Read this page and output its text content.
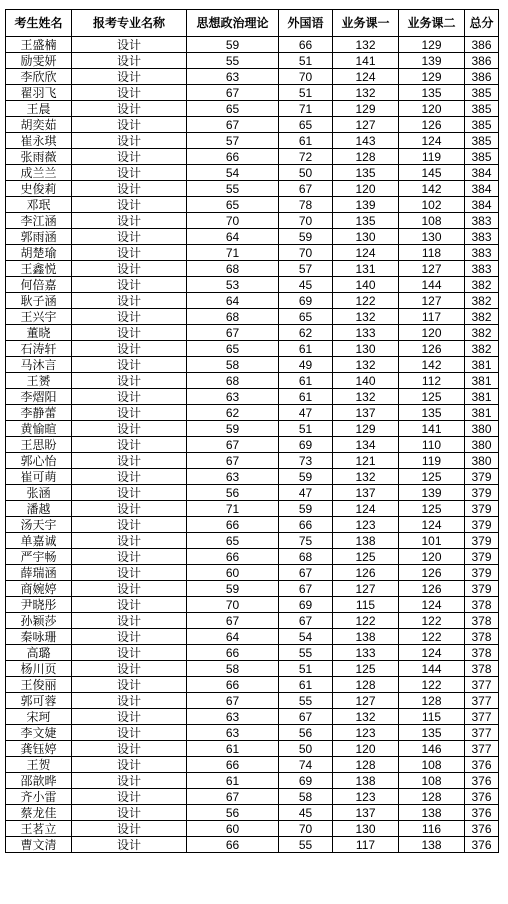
考生姓名	报考专业名称	思想政治理论	外国语	业务课一	业务课二	总分
王盛楠	设计	59	66	132	129	386
励雯妍	设计	55	51	141	139	386
李欣欣	设计	63	70	124	129	386
翟羽飞	设计	67	51	132	135	385
王晨	设计	65	71	129	120	385
胡奕茹	设计	67	65	127	126	385
崔永琪	设计	57	61	143	124	385
张雨薇	设计	66	72	128	119	385
成兰兰	设计	54	50	135	145	384
史俊莉	设计	55	67	120	142	384
邓珉	设计	65	78	139	102	384
李江涵	设计	70	70	135	108	383
郭雨涵	设计	64	59	130	130	383
胡楚瑜	设计	71	70	124	118	383
王鑫悦	设计	68	57	131	127	383
何倍嘉	设计	53	45	140	144	382
耿子涵	设计	64	69	122	127	382
王兴宇	设计	68	65	132	117	382
董晓	设计	67	62	133	120	382
石涛轩	设计	65	61	130	126	382
马沐言	设计	58	49	132	142	381
王赟	设计	68	61	140	112	381
李熠阳	设计	63	61	132	125	381
李静蕾	设计	62	47	137	135	381
黄愉暄	设计	59	51	129	141	380
王思盼	设计	67	69	134	110	380
郭心怡	设计	67	73	121	119	380
崔可萌	设计	63	59	132	125	379
张涵	设计	56	47	137	139	379
潘越	设计	71	59	124	125	379
汤天宇	设计	66	66	123	124	379
单嘉诚	设计	65	75	138	101	379
严宇畅	设计	66	68	125	120	379
薛瑞涵	设计	60	67	126	126	379
商婉婷	设计	59	67	127	126	379
尹晓彤	设计	70	69	115	124	378
孙颖莎	设计	67	67	122	122	378
秦咏珊	设计	64	54	138	122	378
高璐	设计	66	55	133	124	378
杨川页	设计	58	51	125	144	378
王俊丽	设计	66	61	128	122	377
郭可蓉	设计	67	55	127	128	377
宋珂	设计	63	67	132	115	377
李文婕	设计	63	56	123	135	377
龚钰婷	设计	61	50	120	146	377
王贺	设计	66	74	128	108	376
邵歆晔	设计	61	69	138	108	376
齐小雷	设计	67	58	123	128	376
蔡龙佳	设计	56	45	137	138	376
王茗立	设计	60	70	130	116	376
曹文清	设计	66	55	117	138	376
